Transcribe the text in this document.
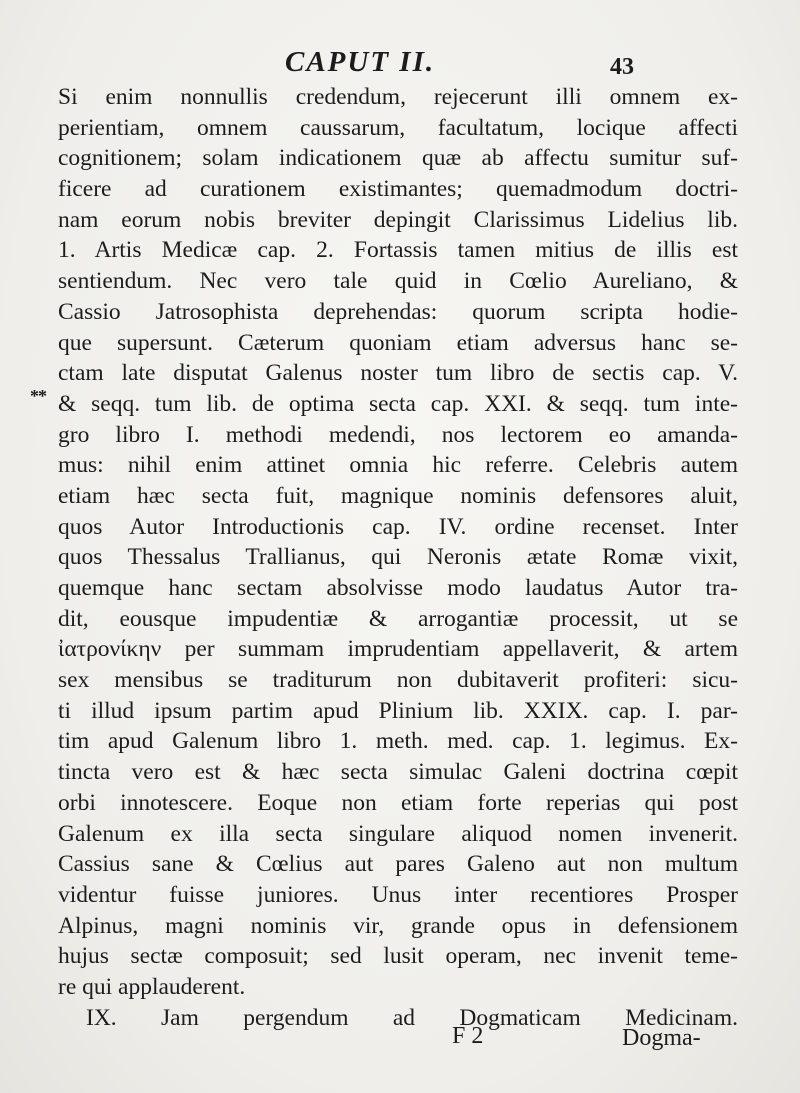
CAPUT II.	43
**
Si enim nonnullis credendum, rejecerunt illi omnem ex-
perientiam, omnem caussarum, facultatum, locique affecti
cognitionem; solam indicationem quæ ab affectu sumitur suf-
ficere ad curationem existimantes; quemadmodum doctri-
nam eorum nobis breviter depingit Clarissimus Lidelius lib.
1. Artis Medicæ cap. 2. Fortassis tamen mitius de illis est
sentiendum. Nec vero tale quid in Cœlio Aureliano, &
Cassio Jatrosophista deprehendas: quorum scripta hodie-
que supersunt. Cæterum quoniam etiam adversus hanc se-
ctam late disputat Galenus noster tum libro de sectis cap. V.
& seqq. tum lib. de optima secta cap. XXI. & seqq. tum inte-
gro libro I. methodi medendi, nos lectorem eo amanda-
mus: nihil enim attinet omnia hic referre. Celebris autem
etiam hæc secta fuit, magnique nominis defensores aluit,
quos Autor Introductionis cap. IV. ordine recenset. Inter
quos Thessalus Trallianus, qui Neronis ætate Romæ vixit,
quemque hanc sectam absolvisse modo laudatus Autor tra-
dit, eousque impudentiæ & arrogantiæ processit, ut se
ἰατρονίκην per summam imprudentiam appellaverit, & artem
sex mensibus se traditurum non dubitaverit profiteri: sicu-
ti illud ipsum partim apud Plinium lib. XXIX. cap. I. par-
tim apud Galenum libro 1. meth. med. cap. 1. legimus. Ex-
tincta vero est & hæc secta simulac Galeni doctrina cœpit
orbi innotescere. Eoque non etiam forte reperias qui post
Galenum ex illa secta singulare aliquod nomen invenerit.
Cassius sane & Cœlius aut pares Galeno aut non multum
videntur fuisse juniores. Unus inter recentiores Prosper
Alpinus, magni nominis vir, grande opus in defensionem
hujus sectæ composuit; sed lusit operam, nec invenit teme-
re qui applauderent.
IX. Jam pergendum ad Dogmaticam Medicinam.
F 2	Dogma-
